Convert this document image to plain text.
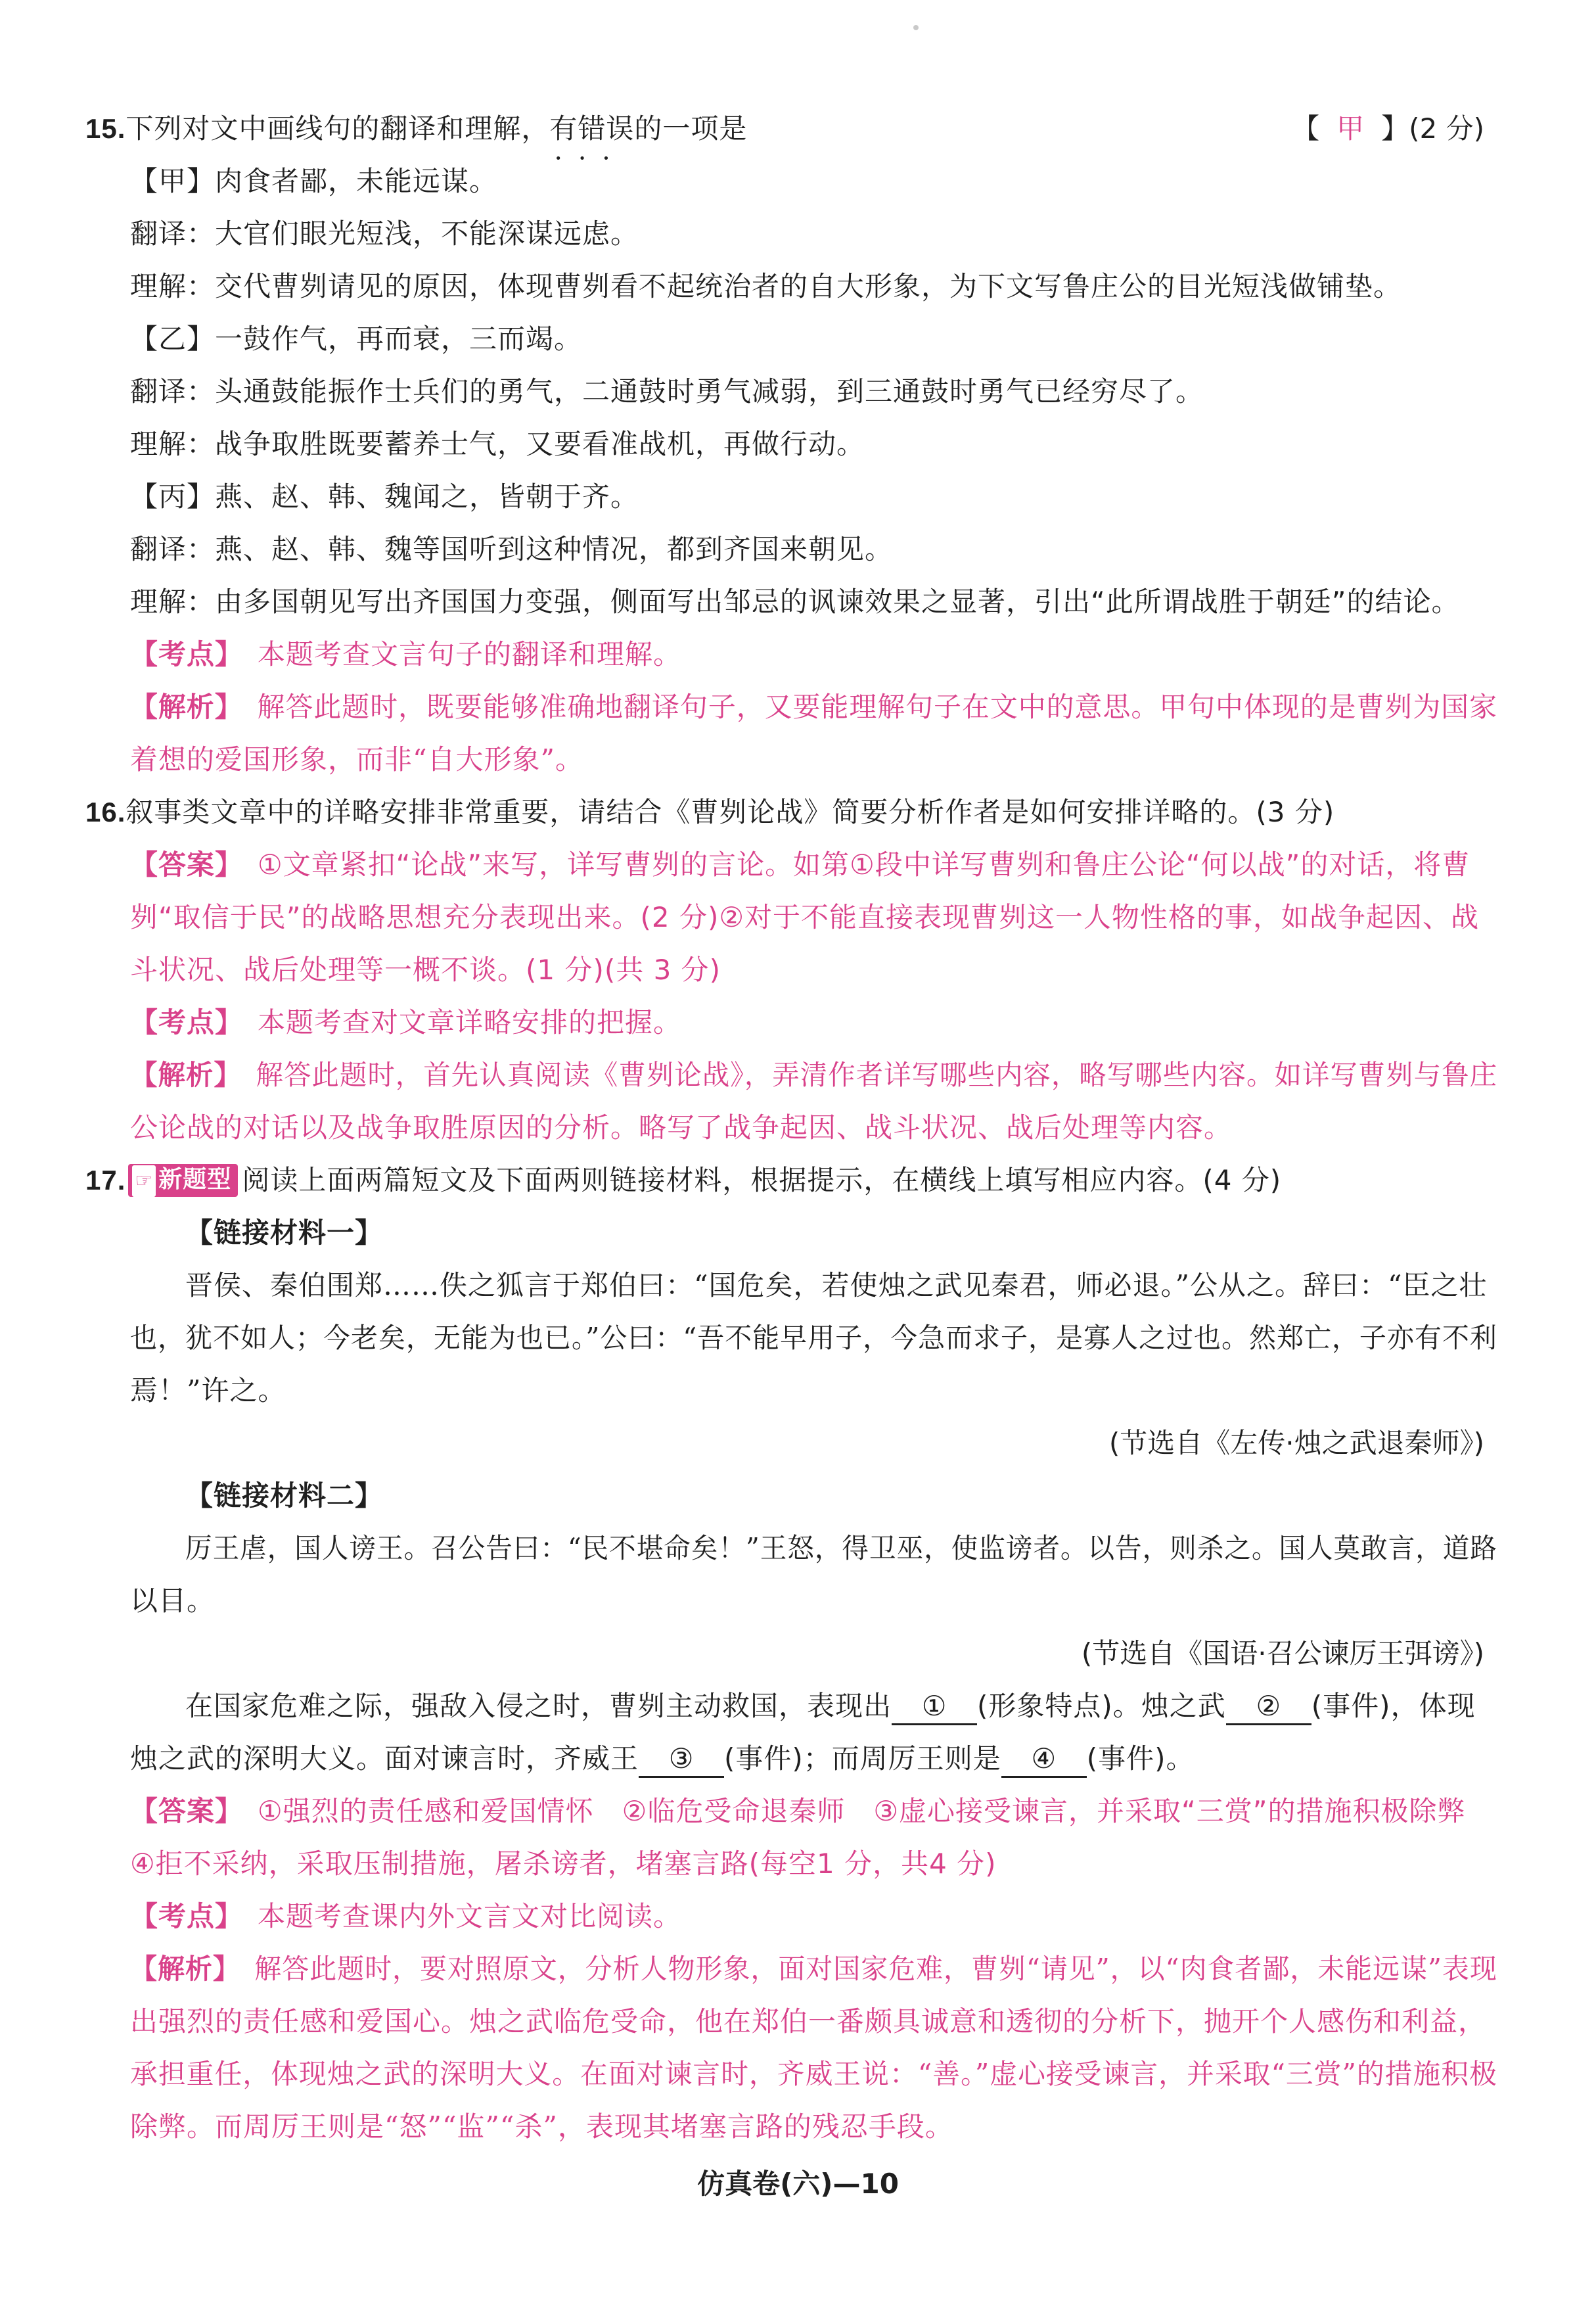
15.下列对文中画线句的翻译和理解，有错误 • • •的一项是	【 甲 】(2 分)
【甲】肉食者鄙，未能远谋。
翻译：大官们眼光短浅，不能深谋远虑。
理解：交代曹刿请见的原因，体现曹刿看不起统治者的自大形象，为下文写鲁庄公的目光短浅做铺垫。
【乙】一鼓作气，再而衰，三而竭。
翻译：头通鼓能振作士兵们的勇气，二通鼓时勇气减弱，到三通鼓时勇气已经穷尽了。
理解：战争取胜既要蓄养士气，又要看准战机，再做行动。
【丙】燕、赵、韩、魏闻之，皆朝于齐。
翻译：燕、赵、韩、魏等国听到这种情况，都到齐国来朝见。
理解：由多国朝见写出齐国国力变强，侧面写出邹忌的讽谏效果之显著，引出“此所谓战胜于朝廷”的结论。
【考点】 本题考查文言句子的翻译和理解。
【解析】 解答此题时，既要能够准确地翻译句子，又要能理解句子在文中的意思。甲句中体现的是曹刿为国家
着想的爱国形象，而非“自大形象”。
16.叙事类文章中的详略安排非常重要，请结合《曹刿论战》简要分析作者是如何安排详略的。(3 分)
【答案】 ①文章紧扣“论战”来写，详写曹刿的言论。如第①段中详写曹刿和鲁庄公论“何以战”的对话，将曹
刿“取信于民”的战略思想充分表现出来。(2 分)②对于不能直接表现曹刿这一人物性格的事，如战争起因、战
斗状况、战后处理等一概不谈。(1 分)(共 3 分)
【考点】 本题考查对文章详略安排的把握。
【解析】 解答此题时，首先认真阅读《曹刿论战》，弄清作者详写哪些内容，略写哪些内容。如详写曹刿与鲁庄
公论战的对话以及战争取胜原因的分析。略写了战争起因、战斗状况、战后处理等内容。
17. ☞ 新题型 阅读上面两篇短文及下面两则链接材料，根据提示，在横线上填写相应内容。(4 分)
【链接材料一】
晋侯、秦伯围郑……佚之狐言于郑伯曰：“国危矣，若使烛之武见秦君，师必退。”公从之。辞曰：“臣之壮
也，犹不如人；今老矣，无能为也已。”公曰：“吾不能早用子，今急而求子，是寡人之过也。然郑亡，子亦有不利
焉！”许之。
(节选自《左传·烛之武退秦师》)
【链接材料二】
厉王虐，国人谤王。召公告曰：“民不堪命矣！”王怒，得卫巫，使监谤者。以告，则杀之。国人莫敢言，道路
以目。
(节选自《国语·召公谏厉王弭谤》)
在国家危难之际，强敌入侵之时，曹刿主动救国，表现出 ① (形象特点)。烛之武 ② (事件)，体现
烛之武的深明大义。面对谏言时，齐威王 ③ (事件)；而周厉王则是 ④ (事件)。
【答案】 ①强烈的责任感和爱国情怀　②临危受命退秦师　③虚心接受谏言，并采取“三赏”的措施积极除弊
④拒不采纳，采取压制措施，屠杀谤者，堵塞言路(每空1 分，共4 分)
【考点】 本题考查课内外文言文对比阅读。
【解析】 解答此题时，要对照原文，分析人物形象，面对国家危难，曹刿“请见”，以“肉食者鄙，未能远谋”表现
出强烈的责任感和爱国心。烛之武临危受命，他在郑伯一番颇具诚意和透彻的分析下，抛开个人感伤和利益，
承担重任，体现烛之武的深明大义。在面对谏言时，齐威王说：“善。”虚心接受谏言，并采取“三赏”的措施积极
除弊。而周厉王则是“怒”“监”“杀”，表现其堵塞言路的残忍手段。
仿真卷(六)—10
